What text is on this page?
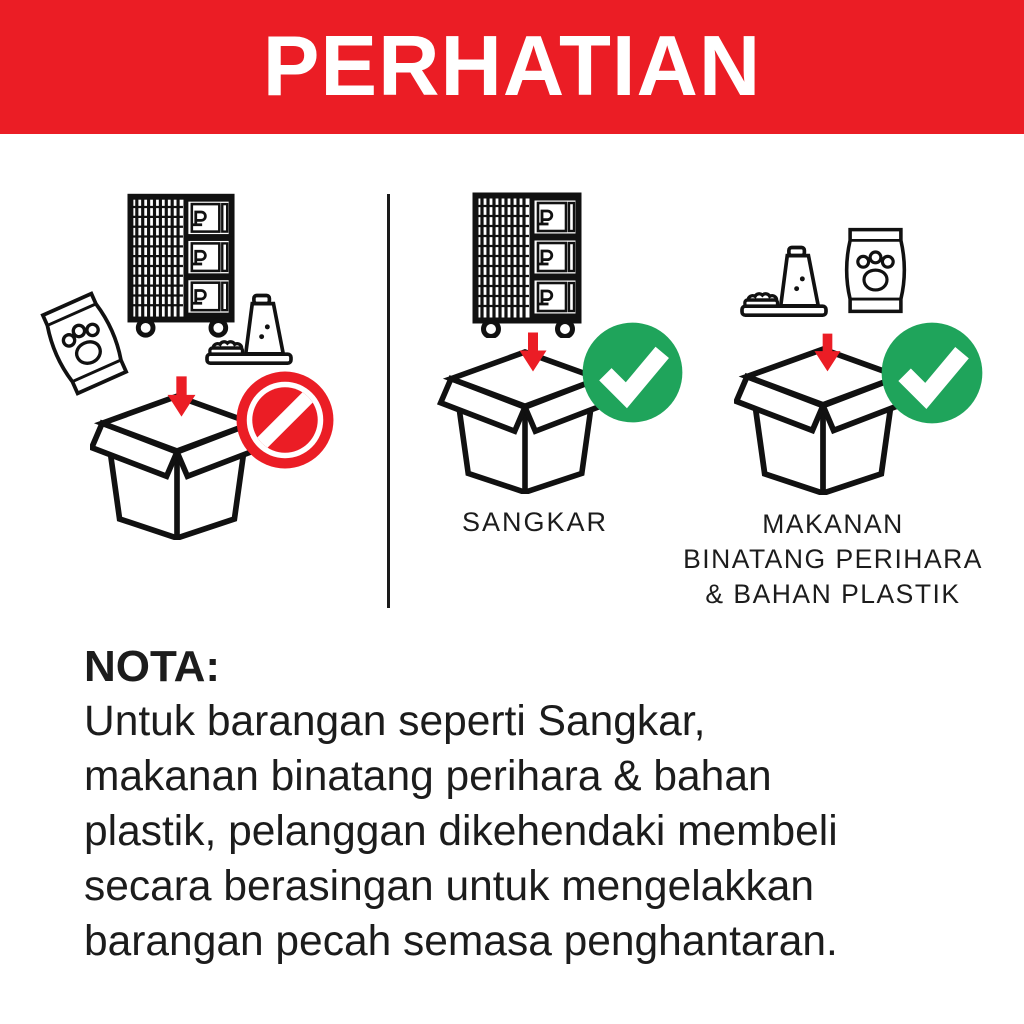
PERHATIAN
SANGKAR	MAKANAN
BINATANG PERIHARA
& BAHAN PLASTIK
NOTA:
Untuk barangan seperti Sangkar,
makanan binatang perihara & bahan
plastik, pelanggan dikehendaki membeli
secara berasingan untuk mengelakkan
barangan pecah semasa penghantaran.
